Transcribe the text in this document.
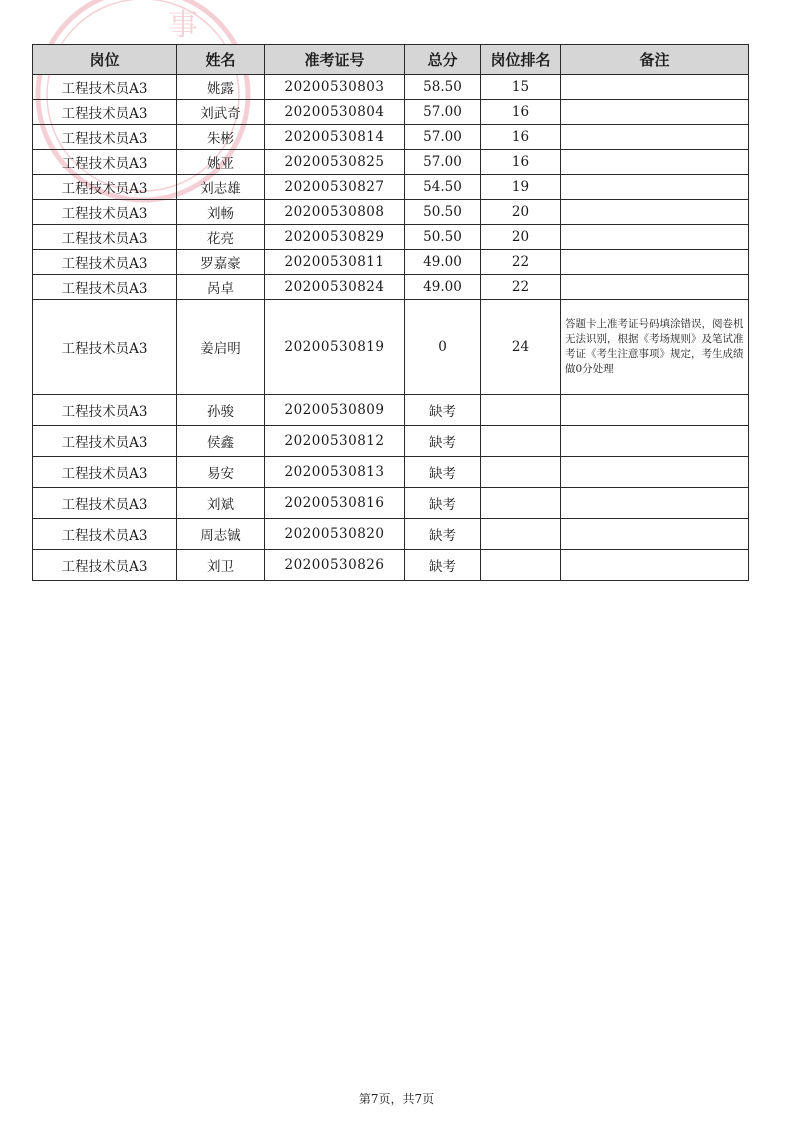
事
岗位	姓名	准考证号	总分	岗位排名	备注
工程技术员A3	姚露	20200530803	58.50	15	
工程技术员A3	刘武奇	20200530804	57.00	16	
工程技术员A3	朱彬	20200530814	57.00	16	
工程技术员A3	姚亚	20200530825	57.00	16	
工程技术员A3	刘志雄	20200530827	54.50	19	
工程技术员A3	刘畅	20200530808	50.50	20	
工程技术员A3	花亮	20200530829	50.50	20	
工程技术员A3	罗嘉豪	20200530811	49.00	22	
工程技术员A3	呙卓	20200530824	49.00	22	
工程技术员A3	姜启明	20200530819	0	24	答题卡上准考证号码填涂错误，阅卷机无法识别，根据《考场规则》及笔试准考证《考生注意事项》规定，考生成绩做0分处理
工程技术员A3	孙骏	20200530809	缺考		
工程技术员A3	侯鑫	20200530812	缺考		
工程技术员A3	易安	20200530813	缺考		
工程技术员A3	刘斌	20200530816	缺考		
工程技术员A3	周志铖	20200530820	缺考		
工程技术员A3	刘卫	20200530826	缺考		
第7页，共7页
